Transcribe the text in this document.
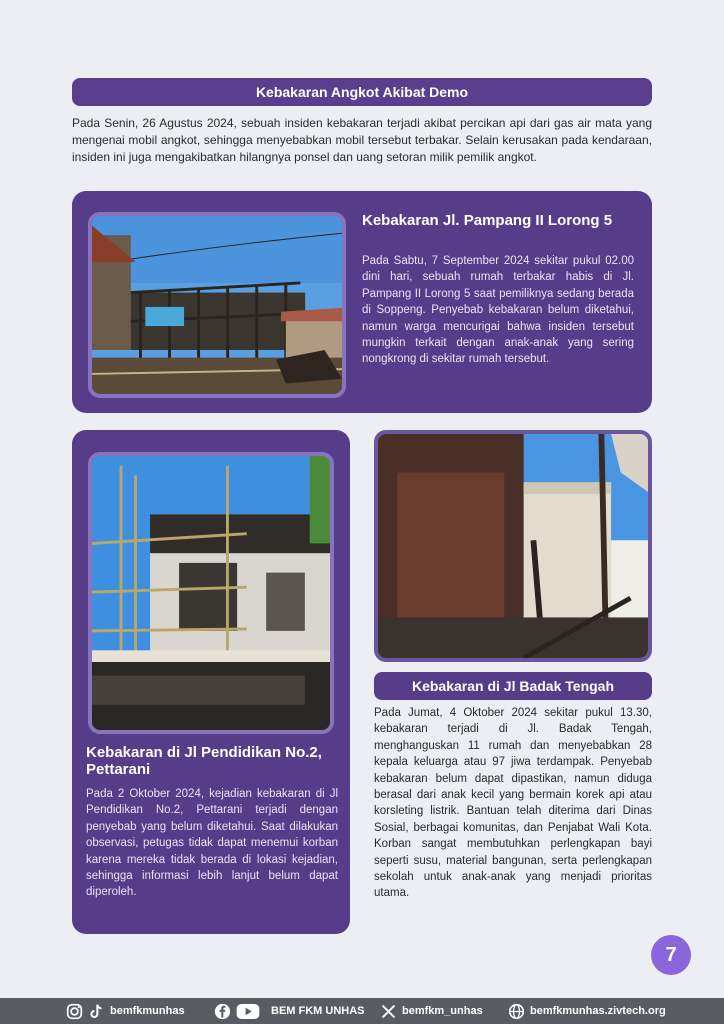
Kebakaran Angkot Akibat Demo

Pada Senin, 26 Agustus 2024, sebuah insiden kebakaran terjadi akibat percikan api dari gas air mata yang mengenai mobil angkot, sehingga menyebabkan mobil tersebut terbakar. Selain kerusakan pada kendaraan, insiden ini juga mengakibatkan hilangnya ponsel dan uang setoran milik pemilik angkot.

Kebakaran Jl. Pampang II Lorong 5

Pada Sabtu, 7 September 2024 sekitar pukul 02.00 dini hari, sebuah rumah terbakar habis di Jl. Pampang II Lorong 5 saat pemiliknya sedang berada di Soppeng. Penyebab kebakaran belum diketahui, namun warga mencurigai bahwa insiden tersebut mungkin terkait dengan anak-anak yang sering nongkrong di sekitar rumah tersebut.

Kebakaran di Jl Pendidikan No.2, Pettarani

Pada 2 Oktober 2024, kejadian kebakaran di Jl Pendidikan No.2, Pettarani terjadi dengan penyebab yang belum diketahui. Saat dilakukan observasi, petugas tidak dapat menemui korban karena mereka tidak berada di lokasi kejadian, sehingga informasi lebih lanjut belum dapat diperoleh.

Kebakaran di Jl Badak Tengah

Pada Jumat, 4 Oktober 2024 sekitar pukul 13.30, kebakaran terjadi di Jl. Badak Tengah, menghanguskan 11 rumah dan menyebabkan 28 kepala keluarga atau 97 jiwa terdampak. Penyebab kebakaran belum dapat dipastikan, namun diduga berasal dari anak kecil yang bermain korek api atau korsleting listrik. Bantuan telah diterima dari Dinas Sosial, berbagai komunitas, dan Penjabat Wali Kota. Korban sangat membutuhkan perlengkapan bayi seperti susu, material bangunan, serta perlengkapan sekolah untuk anak-anak yang menjadi prioritas utama.

7
bemfkmunhas	BEM FKM UNHAS	bemfkm_unhas	bemfkmunhas.zivtech.org
